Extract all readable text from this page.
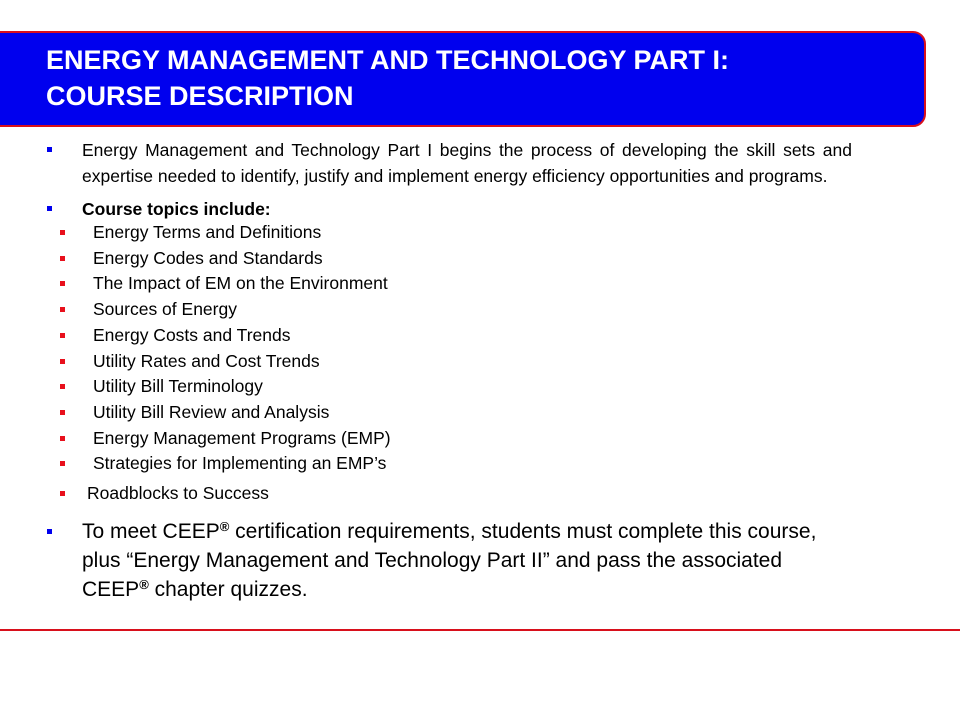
ENERGY MANAGEMENT AND TECHNOLOGY PART I:
COURSE DESCRIPTION

Energy Management and Technology Part I begins the process of developing the skill sets and expertise needed to identify, justify and implement energy efficiency opportunities and programs.

Course topics include:
Energy Terms and Definitions
Energy Codes and Standards
The Impact of EM on the Environment
Sources of Energy
Energy Costs and Trends
Utility Rates and Cost Trends
Utility Bill Terminology
Utility Bill Review and Analysis
Energy Management Programs (EMP)
Strategies for Implementing an EMP’s
Roadblocks to Success
To meet CEEP® certification requirements, students must complete this course, plus “Energy Management and Technology Part II” and pass the associated CEEP® chapter quizzes.
